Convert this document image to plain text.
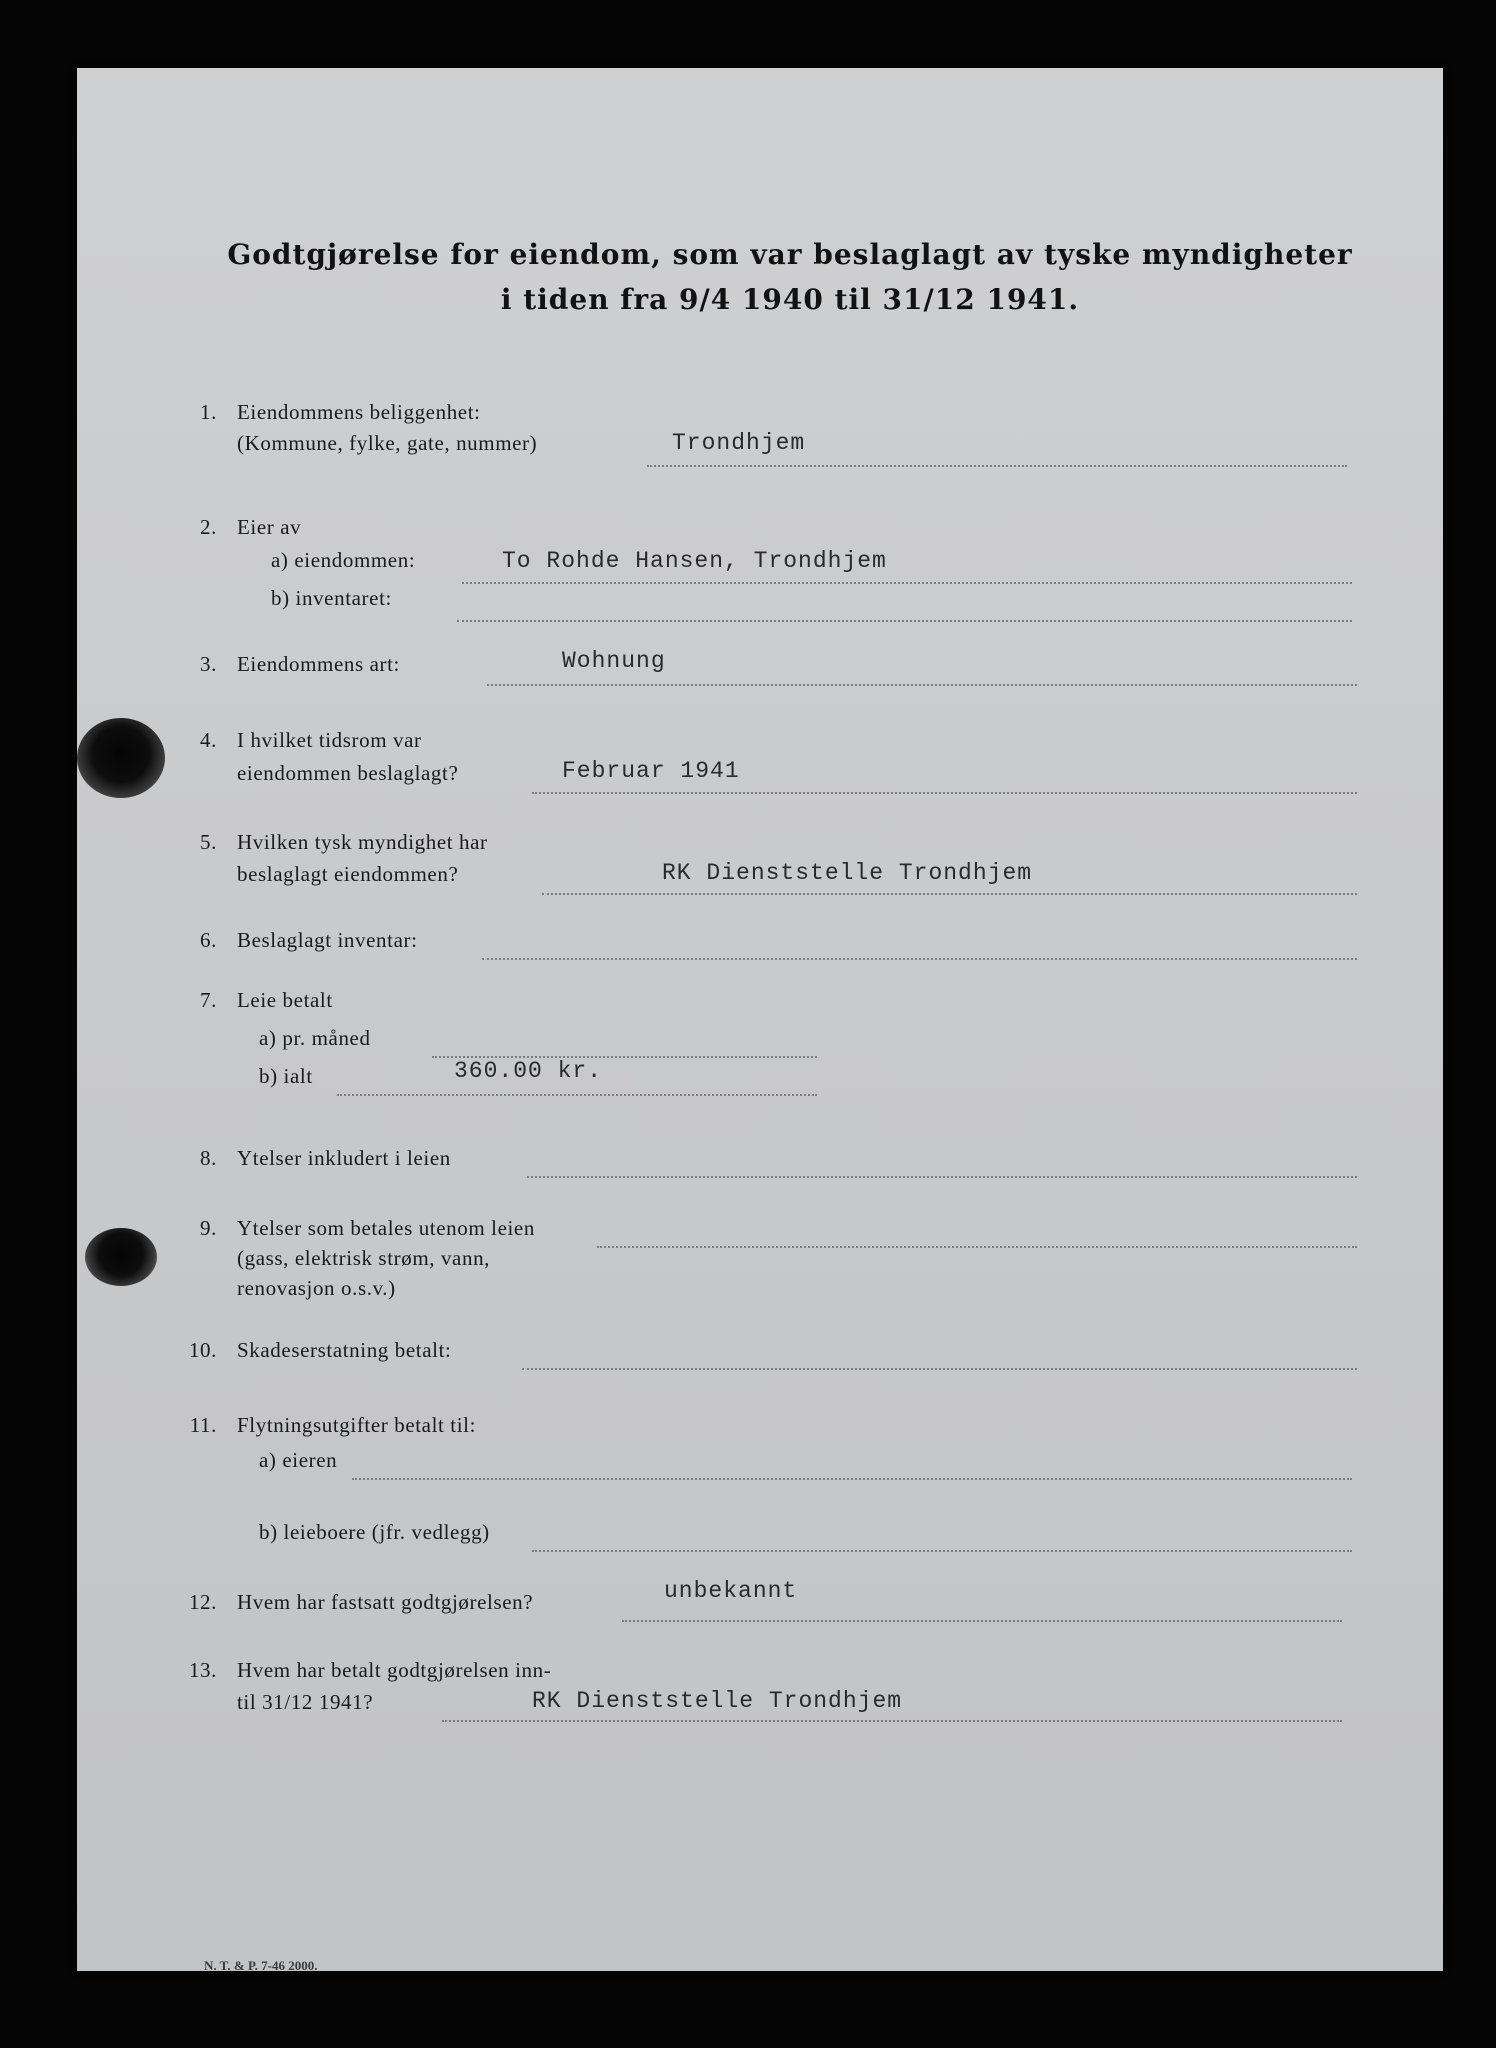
Godtgjørelse for eiendom, som var beslaglagt av tyske myndigheter
i tiden fra 9/4 1940 til 31/12 1941.
1. Eiendommens beliggenhet:
(Kommune, fylke, gate, nummer)	Trondhjem
2. Eier av
a) eiendommen:	To Rohde Hansen, Trondhjem
b) inventaret:
3. Eiendommens art:	Wohnung
4. I hvilket tidsrom var
eiendommen beslaglagt?	Februar 1941
5. Hvilken tysk myndighet har
beslaglagt eiendommen?	RK Dienststelle Trondhjem
6. Beslaglagt inventar:
7. Leie betalt
a) pr. måned
b) ialt	360.00 kr.
8. Ytelser inkludert i leien
9. Ytelser som betales utenom leien
(gass, elektrisk strøm, vann,
renovasjon o.s.v.)
10. Skadeserstatning betalt:
11. Flytningsutgifter betalt til:
a) eieren
b) leieboere (jfr. vedlegg)
12. Hvem har fastsatt godtgjørelsen?	unbekannt
13. Hvem har betalt godtgjørelsen inn-
til 31/12 1941?	RK Dienststelle Trondhjem
N. T. & P. 7-46 2000.
